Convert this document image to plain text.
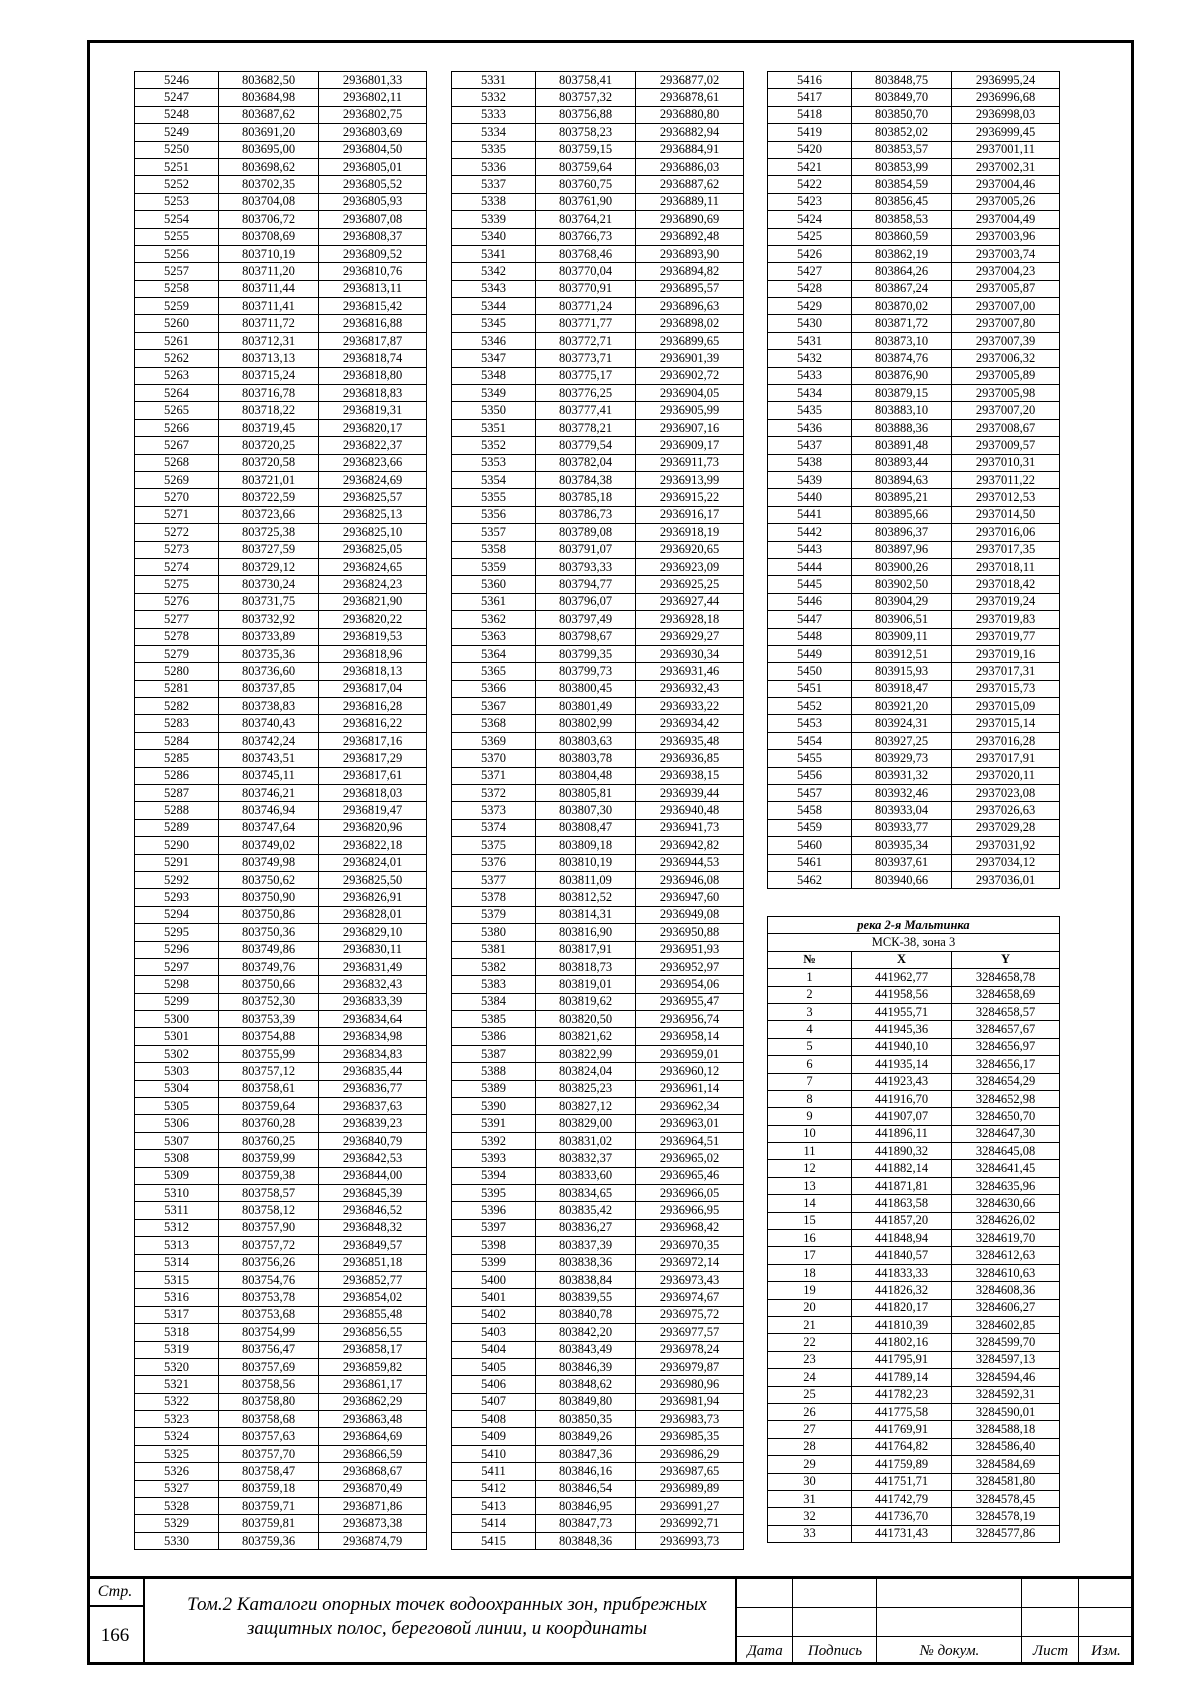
5246	803682,50	2936801,33
5247	803684,98	2936802,11
5248	803687,62	2936802,75
5249	803691,20	2936803,69
5250	803695,00	2936804,50
5251	803698,62	2936805,01
5252	803702,35	2936805,52
5253	803704,08	2936805,93
5254	803706,72	2936807,08
5255	803708,69	2936808,37
5256	803710,19	2936809,52
5257	803711,20	2936810,76
5258	803711,44	2936813,11
5259	803711,41	2936815,42
5260	803711,72	2936816,88
5261	803712,31	2936817,87
5262	803713,13	2936818,74
5263	803715,24	2936818,80
5264	803716,78	2936818,83
5265	803718,22	2936819,31
5266	803719,45	2936820,17
5267	803720,25	2936822,37
5268	803720,58	2936823,66
5269	803721,01	2936824,69
5270	803722,59	2936825,57
5271	803723,66	2936825,13
5272	803725,38	2936825,10
5273	803727,59	2936825,05
5274	803729,12	2936824,65
5275	803730,24	2936824,23
5276	803731,75	2936821,90
5277	803732,92	2936820,22
5278	803733,89	2936819,53
5279	803735,36	2936818,96
5280	803736,60	2936818,13
5281	803737,85	2936817,04
5282	803738,83	2936816,28
5283	803740,43	2936816,22
5284	803742,24	2936817,16
5285	803743,51	2936817,29
5286	803745,11	2936817,61
5287	803746,21	2936818,03
5288	803746,94	2936819,47
5289	803747,64	2936820,96
5290	803749,02	2936822,18
5291	803749,98	2936824,01
5292	803750,62	2936825,50
5293	803750,90	2936826,91
5294	803750,86	2936828,01
5295	803750,36	2936829,10
5296	803749,86	2936830,11
5297	803749,76	2936831,49
5298	803750,66	2936832,43
5299	803752,30	2936833,39
5300	803753,39	2936834,64
5301	803754,88	2936834,98
5302	803755,99	2936834,83
5303	803757,12	2936835,44
5304	803758,61	2936836,77
5305	803759,64	2936837,63
5306	803760,28	2936839,23
5307	803760,25	2936840,79
5308	803759,99	2936842,53
5309	803759,38	2936844,00
5310	803758,57	2936845,39
5311	803758,12	2936846,52
5312	803757,90	2936848,32
5313	803757,72	2936849,57
5314	803756,26	2936851,18
5315	803754,76	2936852,77
5316	803753,78	2936854,02
5317	803753,68	2936855,48
5318	803754,99	2936856,55
5319	803756,47	2936858,17
5320	803757,69	2936859,82
5321	803758,56	2936861,17
5322	803758,80	2936862,29
5323	803758,68	2936863,48
5324	803757,63	2936864,69
5325	803757,70	2936866,59
5326	803758,47	2936868,67
5327	803759,18	2936870,49
5328	803759,71	2936871,86
5329	803759,81	2936873,38
5330	803759,36	2936874,79
5331	803758,41	2936877,02
5332	803757,32	2936878,61
5333	803756,88	2936880,80
5334	803758,23	2936882,94
5335	803759,15	2936884,91
5336	803759,64	2936886,03
5337	803760,75	2936887,62
5338	803761,90	2936889,11
5339	803764,21	2936890,69
5340	803766,73	2936892,48
5341	803768,46	2936893,90
5342	803770,04	2936894,82
5343	803770,91	2936895,57
5344	803771,24	2936896,63
5345	803771,77	2936898,02
5346	803772,71	2936899,65
5347	803773,71	2936901,39
5348	803775,17	2936902,72
5349	803776,25	2936904,05
5350	803777,41	2936905,99
5351	803778,21	2936907,16
5352	803779,54	2936909,17
5353	803782,04	2936911,73
5354	803784,38	2936913,99
5355	803785,18	2936915,22
5356	803786,73	2936916,17
5357	803789,08	2936918,19
5358	803791,07	2936920,65
5359	803793,33	2936923,09
5360	803794,77	2936925,25
5361	803796,07	2936927,44
5362	803797,49	2936928,18
5363	803798,67	2936929,27
5364	803799,35	2936930,34
5365	803799,73	2936931,46
5366	803800,45	2936932,43
5367	803801,49	2936933,22
5368	803802,99	2936934,42
5369	803803,63	2936935,48
5370	803803,78	2936936,85
5371	803804,48	2936938,15
5372	803805,81	2936939,44
5373	803807,30	2936940,48
5374	803808,47	2936941,73
5375	803809,18	2936942,82
5376	803810,19	2936944,53
5377	803811,09	2936946,08
5378	803812,52	2936947,60
5379	803814,31	2936949,08
5380	803816,90	2936950,88
5381	803817,91	2936951,93
5382	803818,73	2936952,97
5383	803819,01	2936954,06
5384	803819,62	2936955,47
5385	803820,50	2936956,74
5386	803821,62	2936958,14
5387	803822,99	2936959,01
5388	803824,04	2936960,12
5389	803825,23	2936961,14
5390	803827,12	2936962,34
5391	803829,00	2936963,01
5392	803831,02	2936964,51
5393	803832,37	2936965,02
5394	803833,60	2936965,46
5395	803834,65	2936966,05
5396	803835,42	2936966,95
5397	803836,27	2936968,42
5398	803837,39	2936970,35
5399	803838,36	2936972,14
5400	803838,84	2936973,43
5401	803839,55	2936974,67
5402	803840,78	2936975,72
5403	803842,20	2936977,57
5404	803843,49	2936978,24
5405	803846,39	2936979,87
5406	803848,62	2936980,96
5407	803849,80	2936981,94
5408	803850,35	2936983,73
5409	803849,26	2936985,35
5410	803847,36	2936986,29
5411	803846,16	2936987,65
5412	803846,54	2936989,89
5413	803846,95	2936991,27
5414	803847,73	2936992,71
5415	803848,36	2936993,73
5416	803848,75	2936995,24
5417	803849,70	2936996,68
5418	803850,70	2936998,03
5419	803852,02	2936999,45
5420	803853,57	2937001,11
5421	803853,99	2937002,31
5422	803854,59	2937004,46
5423	803856,45	2937005,26
5424	803858,53	2937004,49
5425	803860,59	2937003,96
5426	803862,19	2937003,74
5427	803864,26	2937004,23
5428	803867,24	2937005,87
5429	803870,02	2937007,00
5430	803871,72	2937007,80
5431	803873,10	2937007,39
5432	803874,76	2937006,32
5433	803876,90	2937005,89
5434	803879,15	2937005,98
5435	803883,10	2937007,20
5436	803888,36	2937008,67
5437	803891,48	2937009,57
5438	803893,44	2937010,31
5439	803894,63	2937011,22
5440	803895,21	2937012,53
5441	803895,66	2937014,50
5442	803896,37	2937016,06
5443	803897,96	2937017,35
5444	803900,26	2937018,11
5445	803902,50	2937018,42
5446	803904,29	2937019,24
5447	803906,51	2937019,83
5448	803909,11	2937019,77
5449	803912,51	2937019,16
5450	803915,93	2937017,31
5451	803918,47	2937015,73
5452	803921,20	2937015,09
5453	803924,31	2937015,14
5454	803927,25	2937016,28
5455	803929,73	2937017,91
5456	803931,32	2937020,11
5457	803932,46	2937023,08
5458	803933,04	2937026,63
5459	803933,77	2937029,28
5460	803935,34	2937031,92
5461	803937,61	2937034,12
5462	803940,66	2937036,01
река 2-я Мальтинка		
МСК-38, зона 3		
№	X	Y
1	441962,77	3284658,78
2	441958,56	3284658,69
3	441955,71	3284658,57
4	441945,36	3284657,67
5	441940,10	3284656,97
6	441935,14	3284656,17
7	441923,43	3284654,29
8	441916,70	3284652,98
9	441907,07	3284650,70
10	441896,11	3284647,30
11	441890,32	3284645,08
12	441882,14	3284641,45
13	441871,81	3284635,96
14	441863,58	3284630,66
15	441857,20	3284626,02
16	441848,94	3284619,70
17	441840,57	3284612,63
18	441833,33	3284610,63
19	441826,32	3284608,36
20	441820,17	3284606,27
21	441810,39	3284602,85
22	441802,16	3284599,70
23	441795,91	3284597,13
24	441789,14	3284594,46
25	441782,23	3284592,31
26	441775,58	3284590,01
27	441769,91	3284588,18
28	441764,82	3284586,40
29	441759,89	3284584,69
30	441751,71	3284581,80
31	441742,79	3284578,45
32	441736,70	3284578,19
33	441731,43	3284577,86
Стр.
166
Том.2 Каталоги опорных точек водоохранных зон, прибрежных
защитных полос, береговой линии, и координаты
Дата	Подпись	№ докум.	Лист	Изм.
